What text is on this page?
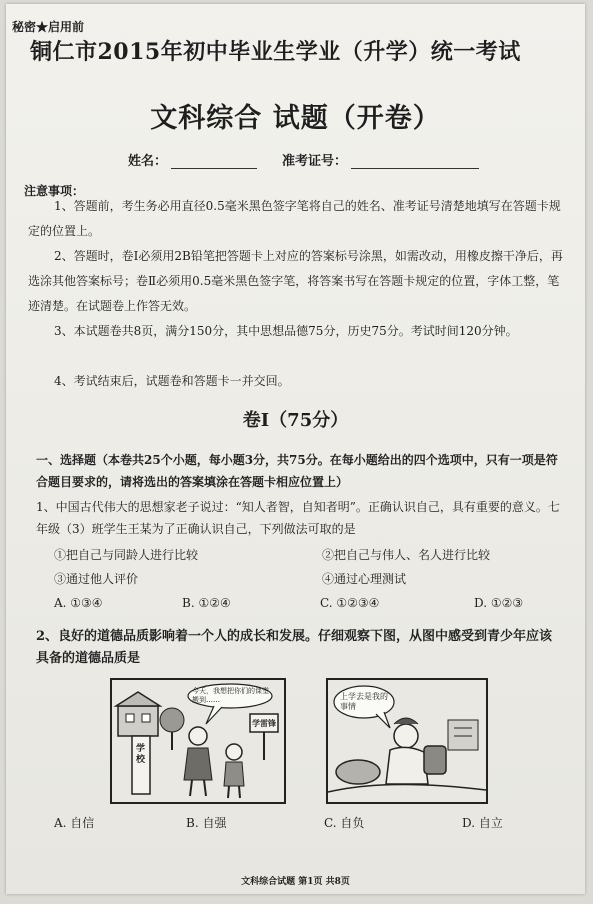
秘密★启用前
铜仁市2015年初中毕业生学业（升学）统一考试
文科综合 试题（开卷）
姓名：	准考证号：
注意事项：
1、答题前，考生务必用直径0.5毫米黑色签字笔将自己的姓名、准考证号清楚地填写在答题卡规定的位置上。
2、答题时，卷Ⅰ必须用2B铅笔把答题卡上对应的答案标号涂黑，如需改动，用橡皮擦干净后，再选涂其他答案标号；卷Ⅱ必须用0.5毫米黑色签字笔，将答案书写在答题卡规定的位置，字体工整，笔迹清楚。在试题卷上作答无效。
3、本试题卷共8页，满分150分，其中思想品德75分，历史75分。考试时间120分钟。
4、考试结束后，试题卷和答题卡一并交回。
卷Ⅰ（75分）
一、选择题（本卷共25个小题，每小题3分，共75分。在每小题给出的四个选项中，只有一项是符合题目要求的，请将选出的答案填涂在答题卡相应位置上）
1、中国古代伟大的思想家老子说过：“知人者智，自知者明”。正确认识自己，具有重要的意义。七年级（3）班学生王某为了正确认识自己，下列做法可取的是
①把自己与同龄人进行比较	②把自己与伟人、名人进行比较
③通过他人评价	④通过心理测试
A. ①③④	B. ①②④	C. ①②③④	D. ①②③
2、良好的道德品质影响着一个人的成长和发展。仔细观察下图，从图中感受到青少年应该具备的道德品质是
今天，我想把你们的课堂搬到……
学雷锋
学校
上学去是我的事情
A. 自信	B. 自强	C. 自负	D. 自立
文科综合试题 第1页 共8页
